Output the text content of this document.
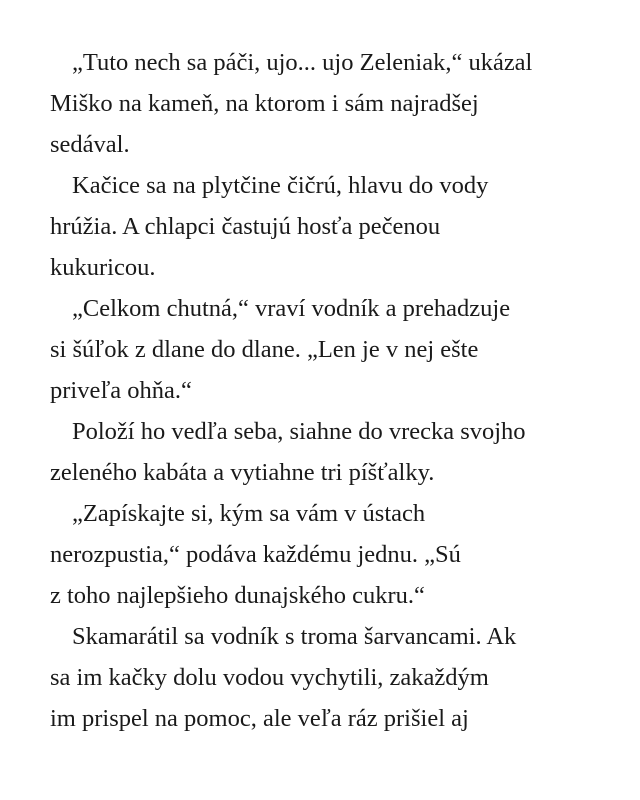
„Tuto nech sa páči, ujo... ujo Zeleniak,“ ukázal
Miško na kameň, na ktorom i sám najradšej
sedával.

Kačice sa na plytčine čičrú, hlavu do vody
hrúžia. A chlapci častujú hosťa pečenou
kukuricou.

„Celkom chutná,“ vraví vodník a prehadzuje
si šúľok z dlane do dlane. „Len je v nej ešte
priveľa ohňa.“

Položí ho vedľa seba, siahne do vrecka svojho
zeleného kabáta a vytiahne tri píšťalky.

„Zapískajte si, kým sa vám v ústach
nerozpustia,“ podáva každému jednu. „Sú
z toho najlepšieho dunajského cukru.“

Skamarátil sa vodník s troma šarvancami. Ak
sa im kačky dolu vodou vychytili, zakaždým
im prispel na pomoc, ale veľa ráz prišiel aj
